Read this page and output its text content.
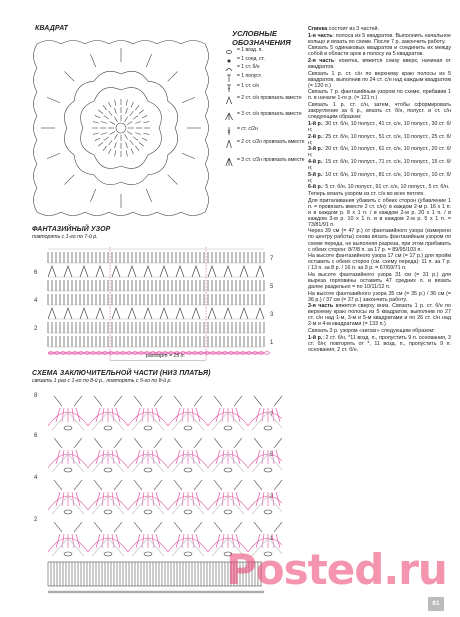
КВАДРАТ
УСЛОВНЫЕ
ОБОЗНАЧЕНИЯ
= 1 возд. п.
= 1 соед. ст.
= 1 ст. б/н
= 1 полуст.
= 1 ст. с/н
= 2 ст. с/н провязать вместе
= 3 ст. с/н провязать вместе
= ст. с/2н
= 2 ст. с/2н провязать вместе
= 3 ст. с/2н провязать вместе
ФАНТАЗИЙНЫЙ УЗОР
повторять с 1-го по 7-й р.
7
6
5
4
3
2
1
раппорт = 15 п.
СХЕМА ЗАКЛЮЧИТЕЛЬНОЙ ЧАСТИ (НИЗ ПЛАТЬЯ)
связать 1 раз с 1-го по 8-й р., повторять с 5-го по 8-й р.
8
6
4
2
7
5
3
1

Спинка состоит из 3 частей.

1-я часть: полоса из 5 квадратов. Выполнить начальное кольцо и вязать по схеме. После 7 р. закончить работу.

Связать 5 одинаковых квадратов и соединить их между собой в области арок в полосу из 5 квадратов.

2-я часть: кокетка, вяжется снизу вверх, начиная от квадратов.

Связать 1 р. ст. с/н по верхнему краю полосы из 5 квадратов, выполнив по 24 ст. с/н над каждым квадратом (= 120 п.)

Связать 7 р. фантазийным узором по схеме, прибавив 1 п. в начале 1-го р. (= 121 п.)

Связать 1 р. ст. с/н, затем, чтобы сформировать закругление за 6 р., вязать ст. б/н, полуст. и ст. с/н следующим образом:

1-й р.: 30 ст. б/н, 10 полуст., 41 ст. с/н, 10 полуст., 30 ст. б/н;

2-й р.: 25 ст. б/н, 10 полуст., 51 ст. с/н, 10 полуст., 25 ст. б/н;

3-й р.: 20 ст. б/н, 10 полуст., 61 ст. с/н, 10 полуст., 20 ст. б/н;

4-й р.: 15 ст. б/н, 10 полуст., 71 ст. с/н, 10 полуст., 15 ст. б/н;

5-й р.: 10 ст. б/н, 10 полуст., 81 ст. с/н, 10 полуст., 10 ст. б/н;

6-й р.: 5 ст. б/н, 10 полуст., 91 ст. с/н, 10 полуст., 5 ст. б/н.

Теперь вязать узором из ст. с/н во всех петлях.

Для приталивания убавить с обеих сторон (убавление 1 п. = провязать вместе 2 ст. с/н): в каждом 2-м р. 16 x 1 п. и в каждом р. 8 x 1 п. / в каждом 2-м р. 20 x 1 п. / в каждом 3-м р. 10 x 1 п. и в каждом 2-м р. 5 x 1 п. = 73/81/91 п.

Через 39 см (= 47 р.) от фантазийного узора (измерено по центру работы) снова вязать фантазийным узором по схеме переда, не выполняя разреза, при этом прибавить с обеих сторон: 8/7/8 п. за 17 р. = 89/95/103 п.

На высоте фантазийного узора 17 см (= 17 р.) для пройм оставить с обеих сторон (см. схему переда): 11 п. за 7 р. / 13 п. за 8 р. / 16 п. за 9 р. = 67/69/71 п.

На высоте фантазийного узора 31 см (= 31 р.) для выреза горловины оставить 47 средних п. и вязать далее раздельно = по 10/11/12 п.

На высоте фантазийного узора 35 см (= 35 р.) / 36 см (= 36 р.) / 37 см (= 37 р.) закончить работу.

3-я часть вяжется сверху вниз. Связать 1 р. ст. б/н по верхнему краю полосы из 5 квадратов, выполнив по 27 ст. с/н над 1-м, 3-м и 5-м квадратами и по 26 ст. с/н над 2-м и 4-м квадратами (= 133 п.)

Связать 3 р. узором «зигзаг» следующим образом:

1-й р.: 2 ст. б/н, *11 возд. п., пропустить 9 п. основания, 3 ст. б/н; повторять от *, 11 возд. п., пропустить 9 п. основания, 2 ст. б/н.

Posted.ru
61
